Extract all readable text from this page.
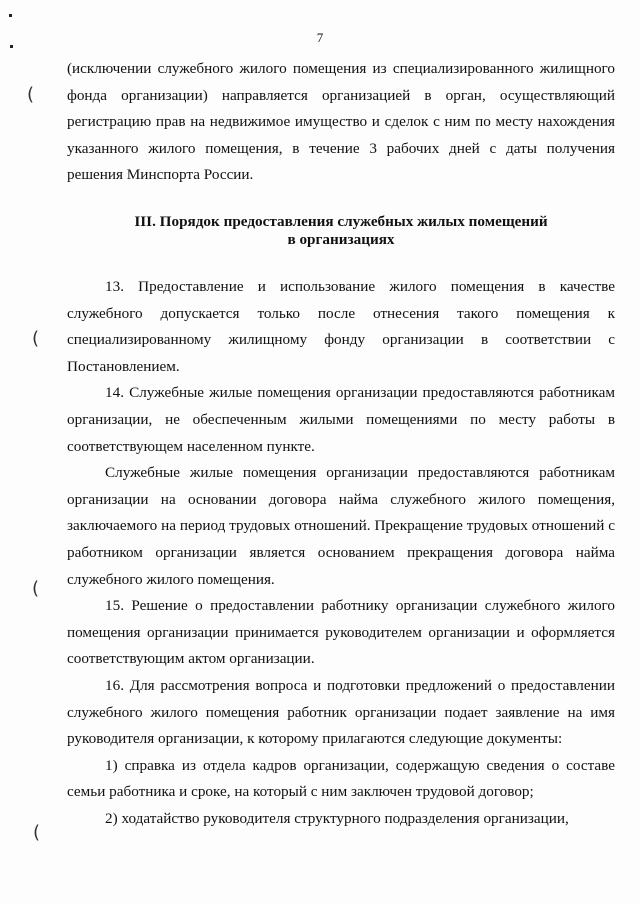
7

(исключении служебного жилого помещения из специализированного жилищного фонда организации) направляется организацией в орган, осуществляющий регистрацию прав на недвижимое имущество и сделок с ним по месту нахождения указанного жилого помещения, в течение 3 рабочих дней с даты получения решения Минспорта России.

III. Порядок предоставления служебных жилых помещений
в организациях

13. Предоставление и использование жилого помещения в качестве служебного допускается только после отнесения такого помещения к специализированному жилищному фонду организации в соответствии с Постановлением.

14. Служебные жилые помещения организации предоставляются работникам организации, не обеспеченным жилыми помещениями по месту работы в соответствующем населенном пункте.

Служебные жилые помещения организации предоставляются работникам организации на основании договора найма служебного жилого помещения, заключаемого на период трудовых отношений. Прекращение трудовых отношений с работником организации является основанием прекращения договора найма служебного жилого помещения.

15. Решение о предоставлении работнику организации служебного жилого помещения организации принимается руководителем организации и оформляется соответствующим актом организации.

16. Для рассмотрения вопроса и подготовки предложений о предоставлении служебного жилого помещения работник организации подает заявление на имя руководителя организации, к которому прилагаются следующие документы:

1) справка из отдела кадров организации, содержащую сведения о составе семьи работника и сроке, на который с ним заключен трудовой договор;

2) ходатайство руководителя структурного подразделения организации,

(
(
(
(
